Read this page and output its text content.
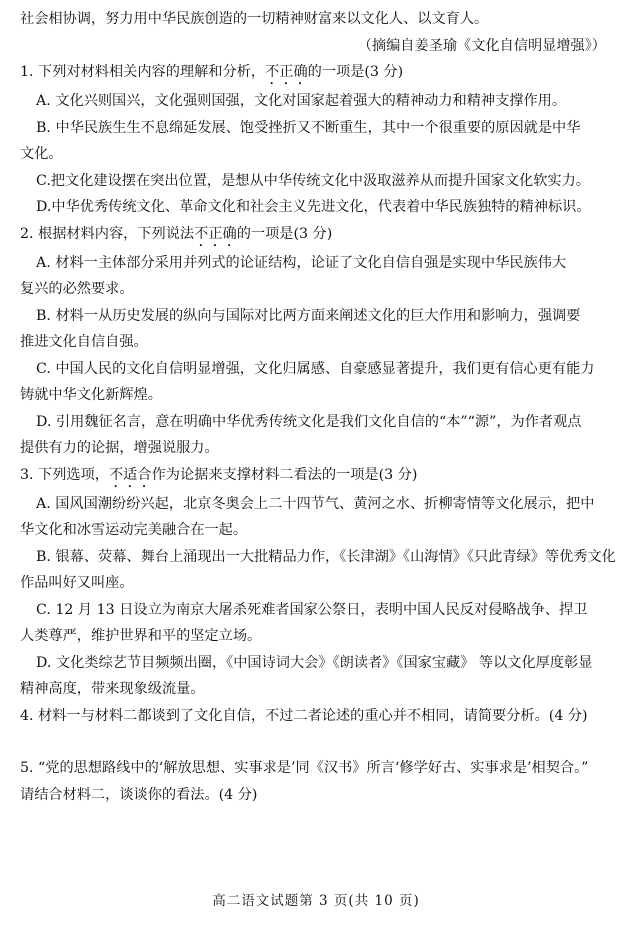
社会相协调，努力用中华民族创造的一切精神财富来以文化人、以文育人。
（摘编自姜圣瑜《文化自信明显增强》）
1. 下列对材料相关内容的理解和分析，不正确的一项是(3 分)
A. 文化兴则国兴，文化强则国强，文化对国家起着强大的精神动力和精神支撑作用。
B. 中华民族生生不息绵延发展、饱受挫折又不断重生，其中一个很重要的原因就是中华
文化。
C.把文化建设摆在突出位置，是想从中华传统文化中汲取滋养从而提升国家文化软实力。
D.中华优秀传统文化、革命文化和社会主义先进文化，代表着中华民族独特的精神标识。
2. 根据材料内容，下列说法不正确的一项是(3 分)
A. 材料一主体部分采用并列式的论证结构，论证了文化自信自强是实现中华民族伟大
复兴的必然要求。
B. 材料一从历史发展的纵向与国际对比两方面来阐述文化的巨大作用和影响力，强调要
推进文化自信自强。
C. 中国人民的文化自信明显增强，文化归属感、自豪感显著提升，我们更有信心更有能力
铸就中华文化新辉煌。
D. 引用魏征名言，意在明确中华优秀传统文化是我们文化自信的“本”“源”，为作者观点
提供有力的论据，增强说服力。
3. 下列选项，不适合作为论据来支撑材料二看法的一项是(3 分)
A. 国风国潮纷纷兴起，北京冬奥会上二十四节气、黄河之水、折柳寄情等文化展示，把中
华文化和冰雪运动完美融合在一起。
B. 银幕、荧幕、舞台上涌现出一大批精品力作，《长津湖》《山海情》《只此青绿》等优秀文化
作品叫好又叫座。
C. 12 月 13 日设立为南京大屠杀死难者国家公祭日，表明中国人民反对侵略战争、捍卫
人类尊严，维护世界和平的坚定立场。
D. 文化类综艺节目频频出圈，《中国诗词大会》《朗读者》《国家宝藏》 等以文化厚度彰显
精神高度，带来现象级流量。
4. 材料一与材料二都谈到了文化自信，不过二者论述的重心并不相同，请简要分析。(4 分)
5. “党的思想路线中的‘解放思想、实事求是’同《汉书》所言‘修学好古、实事求是’相契合。”
请结合材料二，谈谈你的看法。(4 分)
高二语文试题第 3 页(共 10 页)
